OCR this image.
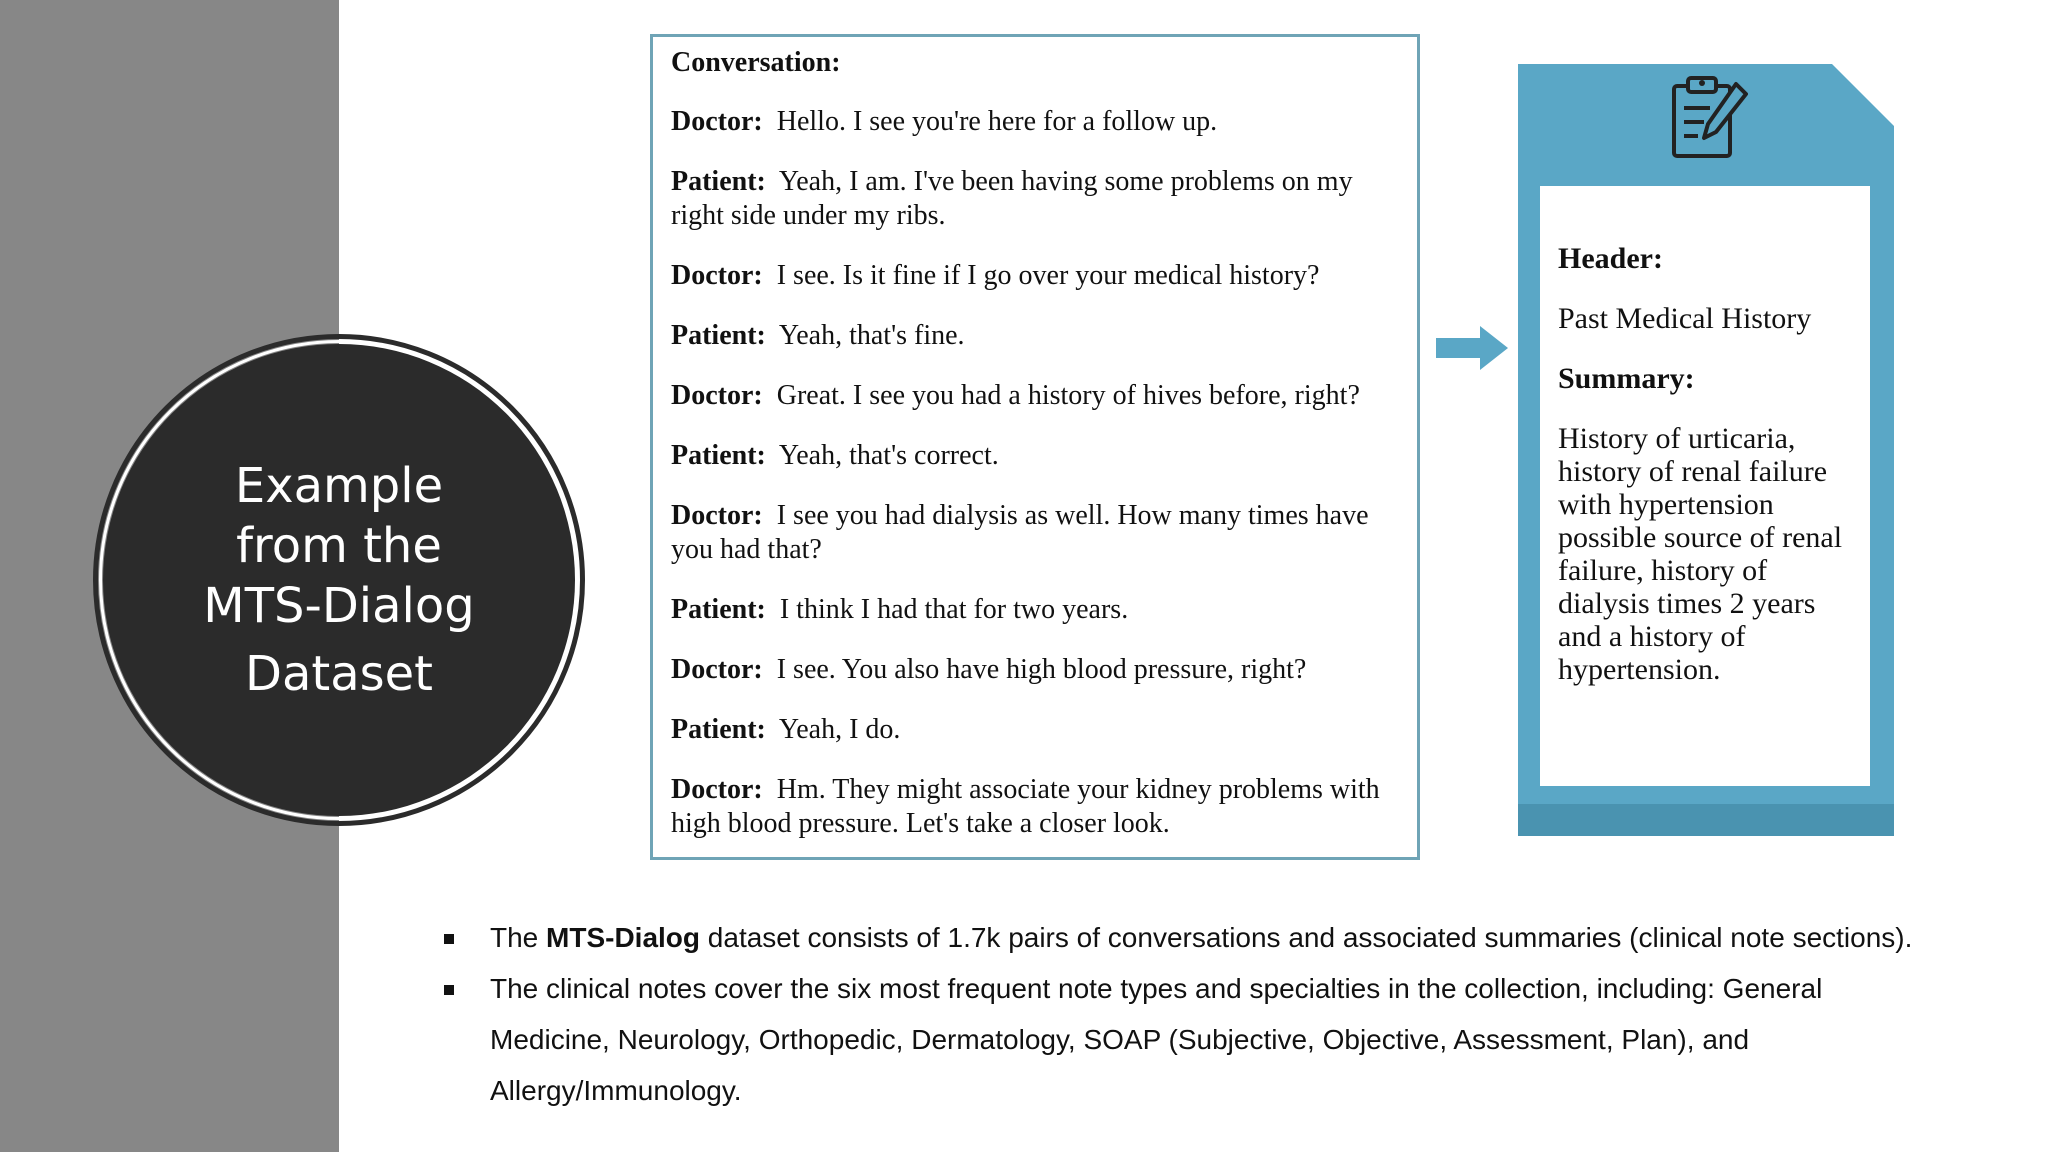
Example
from the
MTS-Dialog
Dataset

Conversation:

Doctor: Hello. I see you're here for a follow up.

Patient: Yeah, I am. I've been having some problems on my right side under my ribs.

Doctor: I see. Is it fine if I go over your medical history?

Patient: Yeah, that's fine.

Doctor: Great. I see you had a history of hives before, right?

Patient: Yeah, that's correct.

Doctor: I see you had dialysis as well. How many times have you had that?

Patient: I think I had that for two years.

Doctor: I see. You also have high blood pressure, right?

Patient: Yeah, I do.

Doctor: Hm. They might associate your kidney problems with high blood pressure. Let's take a closer look.

Header:

Past Medical History

Summary:

History of urticaria, history of renal failure with hypertension possible source of renal failure, history of dialysis times 2 years and a history of hypertension.

The MTS-Dialog dataset consists of 1.7k pairs of conversations and associated summaries (clinical note sections).
The clinical notes cover the six most frequent note types and specialties in the collection, including: General Medicine, Neurology, Orthopedic, Dermatology, SOAP (Subjective, Objective, Assessment, Plan), and Allergy/Immunology.
